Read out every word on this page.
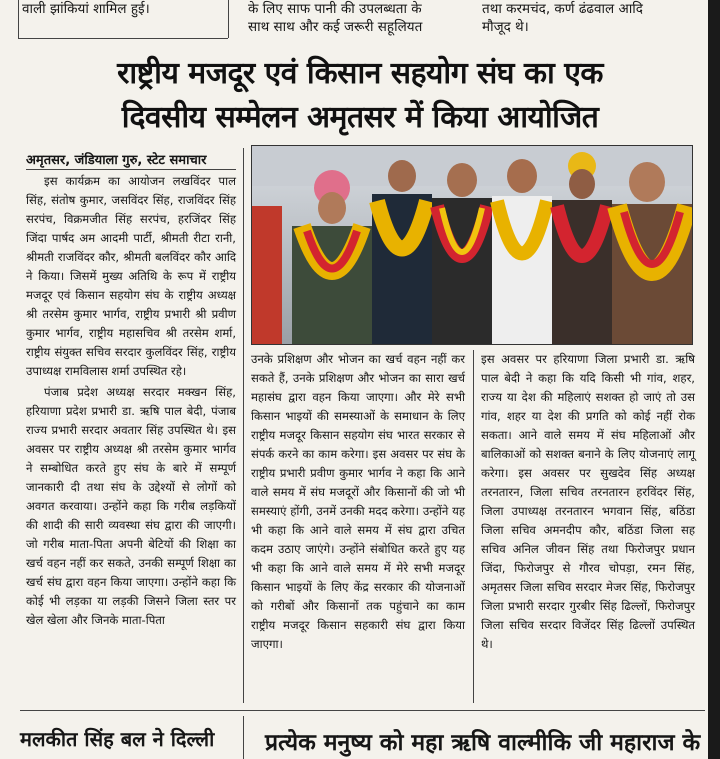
वाली झांकियां शामिल हुई।	के लिए साफ पानी की उपलब्धता के
साथ साथ और कई जरूरी सहूलियत
तथा करमचंद, कर्ण ढंढवाल आदि
मौजूद थे।
राष्ट्रीय मजदूर एवं किसान सहयोग संघ का एक
दिवसीय सम्मेलन अमृतसर में किया आयोजित
अमृतसर, जंडियाला गुरु, स्टेट समाचार

इस कार्यक्रम का आयोजन लखविंदर पाल सिंह, संतोष कुमार, जसविंदर सिंह, राजविंदर सिंह सरपंच, विक्रमजीत सिंह सरपंच, हरजिंदर सिंह जिंदा पार्षद अम आदमी पार्टी, श्रीमती रीटा रानी, श्रीमती राजविंदर कौर, श्रीमती बलविंदर कौर आदि ने किया। जिसमें मुख्य अतिथि के रूप में राष्ट्रीय मजदूर एवं किसान सहयोग संघ के राष्ट्रीय अध्यक्ष श्री तरसेम कुमार भार्गव, राष्ट्रीय प्रभारी श्री प्रवीण कुमार भार्गव, राष्ट्रीय महासचिव श्री तरसेम शर्मा, राष्ट्रीय संयुक्त सचिव सरदार कुलविंदर सिंह, राष्ट्रीय उपाध्यक्ष रामविलास शर्मा उपस्थित रहे।

पंजाब प्रदेश अध्यक्ष सरदार मक्खन सिंह, हरियाणा प्रदेश प्रभारी डा. ऋषि पाल बेदी, पंजाब राज्य प्रभारी सरदार अवतार सिंह उपस्थित थे। इस अवसर पर राष्ट्रीय अध्यक्ष श्री तरसेम कुमार भार्गव ने सम्बोधित करते हुए संघ के बारे में सम्पूर्ण जानकारी दी तथा संघ के उद्देश्यों से लोगों को अवगत करवाया। उन्होंने कहा कि गरीब लड़कियों की शादी की सारी व्यवस्था संघ द्वारा की जाएगी। जो गरीब माता-पिता अपनी बेटियों की शिक्षा का खर्च वहन नहीं कर सकते, उनकी सम्पूर्ण शिक्षा का खर्च संघ द्वारा वहन किया जाएगा। उन्होंने कहा कि कोई भी लड़का या लड़की जिसने जिला स्तर पर खेल खेला और जिनके माता-पिता

उनके प्रशिक्षण और भोजन का खर्च वहन नहीं कर सकते हैं, उनके प्रशिक्षण और भोजन का सारा खर्च महासंघ द्वारा वहन किया जाएगा। और मेरे सभी किसान भाइयों की समस्याओं के समाधान के लिए राष्ट्रीय मजदूर किसान सहयोग संघ भारत सरकार से संपर्क करने का काम करेगा। इस अवसर पर संघ के राष्ट्रीय प्रभारी प्रवीण कुमार भार्गव ने कहा कि आने वाले समय में संघ मजदूरों और किसानों की जो भी समस्याएं होंगी, उनमें उनकी मदद करेगा। उन्होंने यह भी कहा कि आने वाले समय में संघ द्वारा उचित कदम उठाए जाएंगे। उन्होंने संबोधित करते हुए यह भी कहा कि आने वाले समय में मेरे सभी मजदूर किसान भाइयों के लिए केंद्र सरकार की योजनाओं को गरीबों और किसानों तक पहुंचाने का काम राष्ट्रीय मजदूर किसान सहकारी संघ द्वारा किया जाएगा।

इस अवसर पर हरियाणा जिला प्रभारी डा. ऋषि पाल बेदी ने कहा कि यदि किसी भी गांव, शहर, राज्य या देश की महिलाएं सशक्त हो जाएं तो उस गांव, शहर या देश की प्रगति को कोई नहीं रोक सकता। आने वाले समय में संघ महिलाओं और बालिकाओं को सशक्त बनाने के लिए योजनाएं लागू करेगा। इस अवसर पर सुखदेव सिंह अध्यक्ष तरनतारन, जिला सचिव तरनतारन हरविंदर सिंह, जिला उपाध्यक्ष तरनतारन भगवान सिंह, बठिंडा जिला सचिव अमनदीप कौर, बठिंडा जिला सह सचिव अनिल जीवन सिंह तथा फिरोजपुर प्रधान जिंदा, फिरोजपुर से गौरव चोपड़ा, रमन सिंह, अमृतसर जिला सचिव सरदार मेजर सिंह, फिरोजपुर जिला प्रभारी सरदार गुरबीर सिंह ढिल्लों, फिरोजपुर जिला सचिव सरदार विजेंदर सिंह ढिल्लों उपस्थित थे।

मलकीत सिंह बल ने दिल्ली प्रत्येक मनुष्य को महा ऋषि वाल्मीकि जी महाराज के
